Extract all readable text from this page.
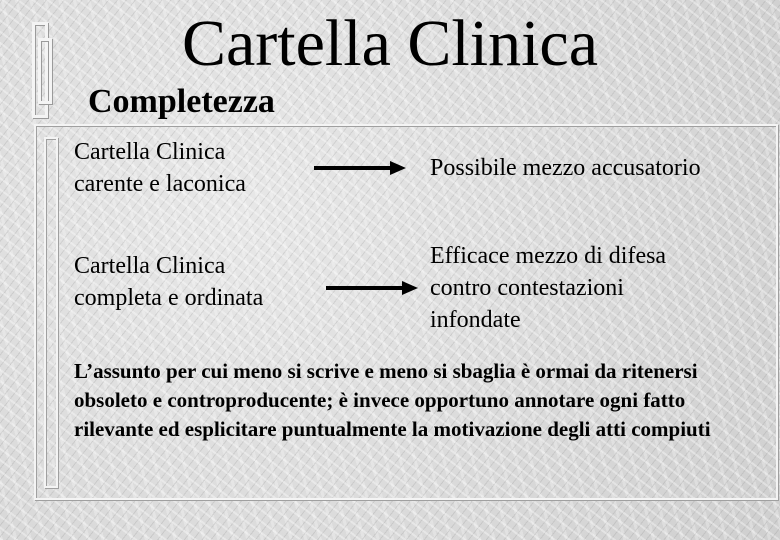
Cartella Clinica
Completezza
Cartella Clinica
carente e laconica
Possibile mezzo accusatorio
Cartella Clinica
completa e ordinata
Efficace mezzo di difesa
contro contestazioni
infondate
L’assunto per cui meno si scrive e meno si sbaglia è ormai da ritenersi obsoleto e controproducente; è invece opportuno annotare ogni fatto rilevante ed esplicitare puntualmente la motivazione degli atti compiuti
